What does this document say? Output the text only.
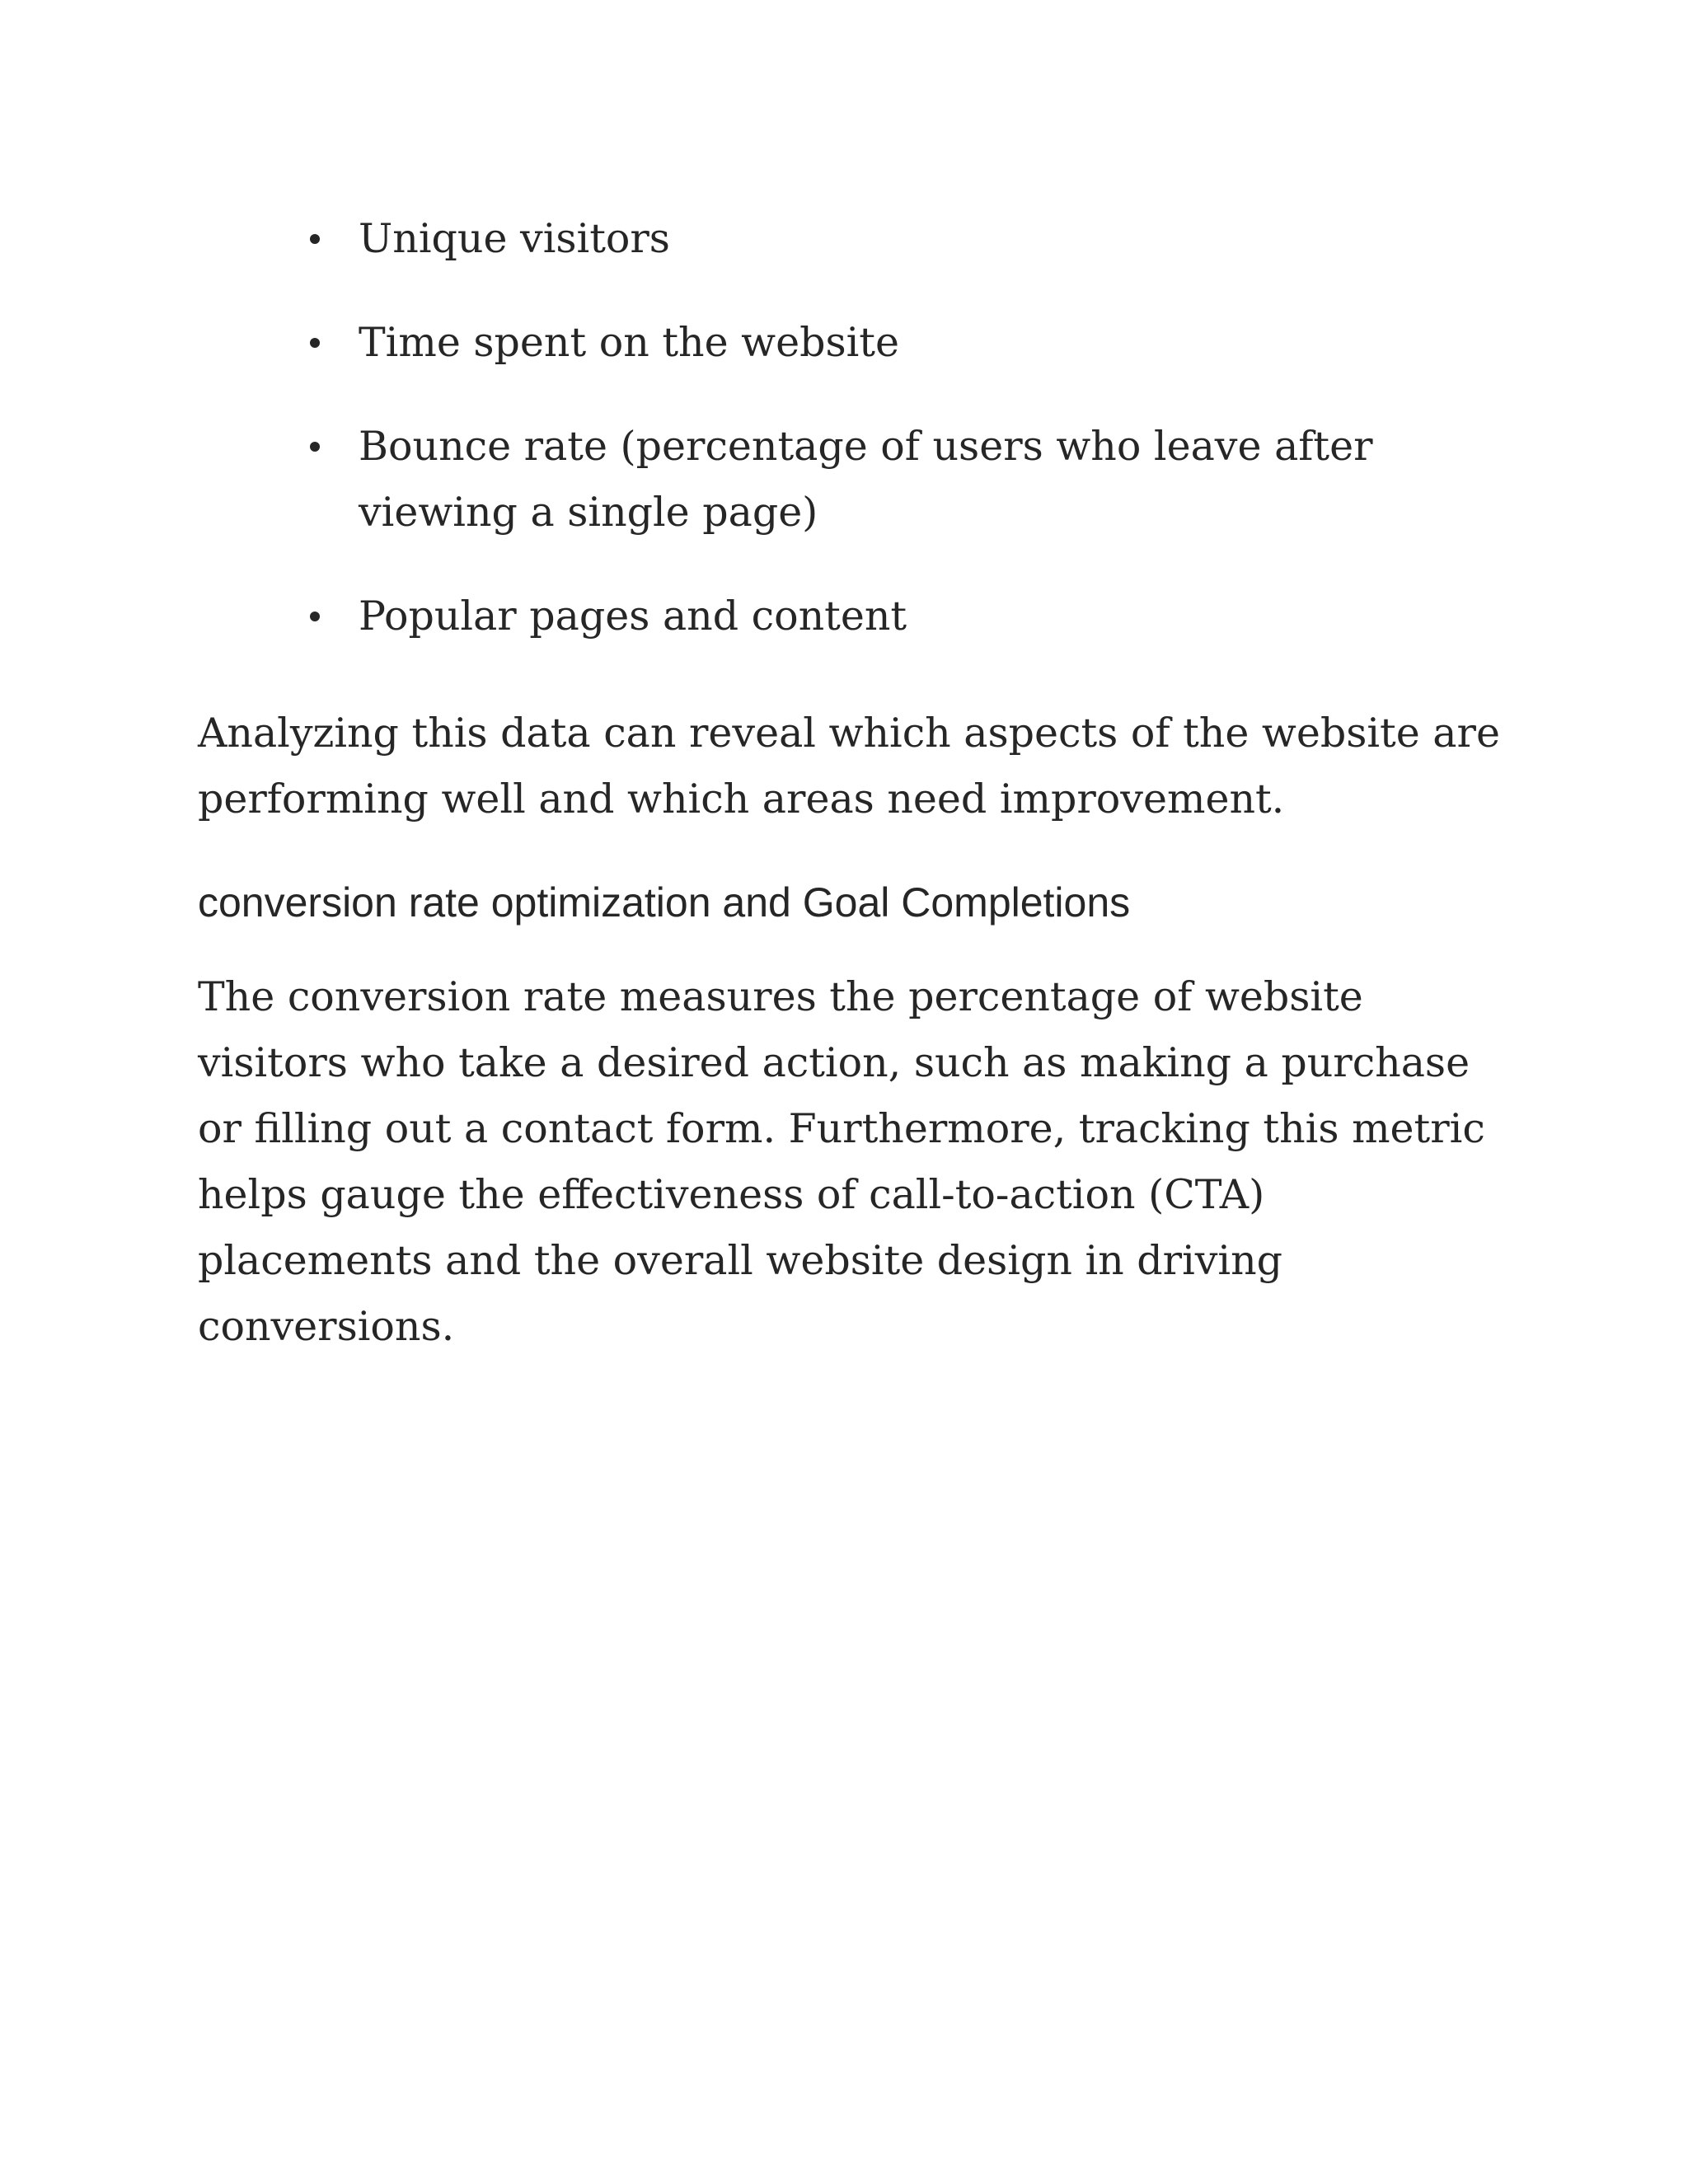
Unique visitors
Time spent on the website
Bounce rate (percentage of users who leave after viewing a single page)
Popular pages and content

Analyzing this data can reveal which aspects of the website are performing well and which areas need improvement.

conversion rate optimization and Goal Completions

The conversion rate measures the percentage of website visitors who take a desired action, such as making a purchase or filling out a contact form. Furthermore, tracking this metric helps gauge the effectiveness of call-to-action (CTA) placements and the overall website design in driving conversions.
